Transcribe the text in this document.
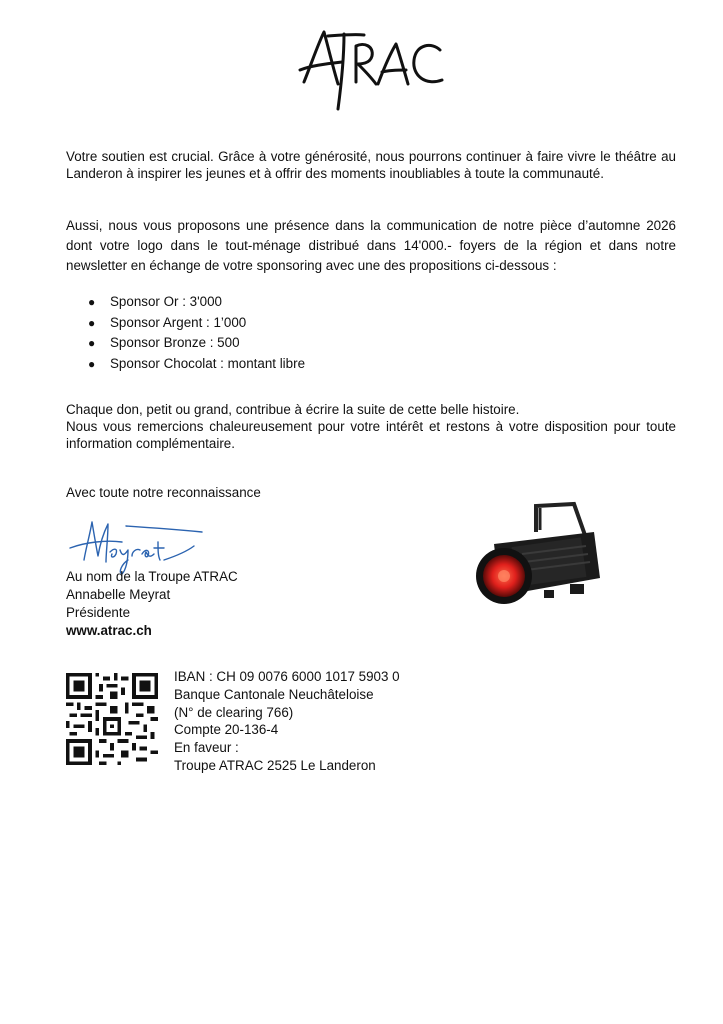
Votre soutien est crucial. Grâce à votre générosité, nous pourrons continuer à faire vivre le théâtre au Landeron à inspirer les jeunes et à offrir des moments inoubliables à toute la communauté.

Aussi, nous vous proposons une présence dans la communication de notre pièce d’automne 2026 dont votre logo dans le tout-ménage distribué dans 14'000.- foyers de la région et dans notre newsletter en échange de votre sponsoring avec une des propositions ci-dessous :

● Sponsor Or : 3'000
● Sponsor Argent : 1’000
● Sponsor Bronze : 500
● Sponsor Chocolat : montant libre
Chaque don, petit ou grand, contribue à écrire la suite de cette belle histoire.
Nous vous remercions chaleureusement pour votre intérêt et restons à votre disposition pour toute information complémentaire.

Avec toute notre reconnaissance

Au nom de la Troupe ATRAC
Annabelle Meyrat
Présidente
www.atrac.ch
IBAN : CH 09 0076 6000 1017 5903 0
Banque Cantonale Neuchâteloise
(N° de clearing 766)
Compte 20-136-4
En faveur :
Troupe ATRAC 2525 Le Landeron
